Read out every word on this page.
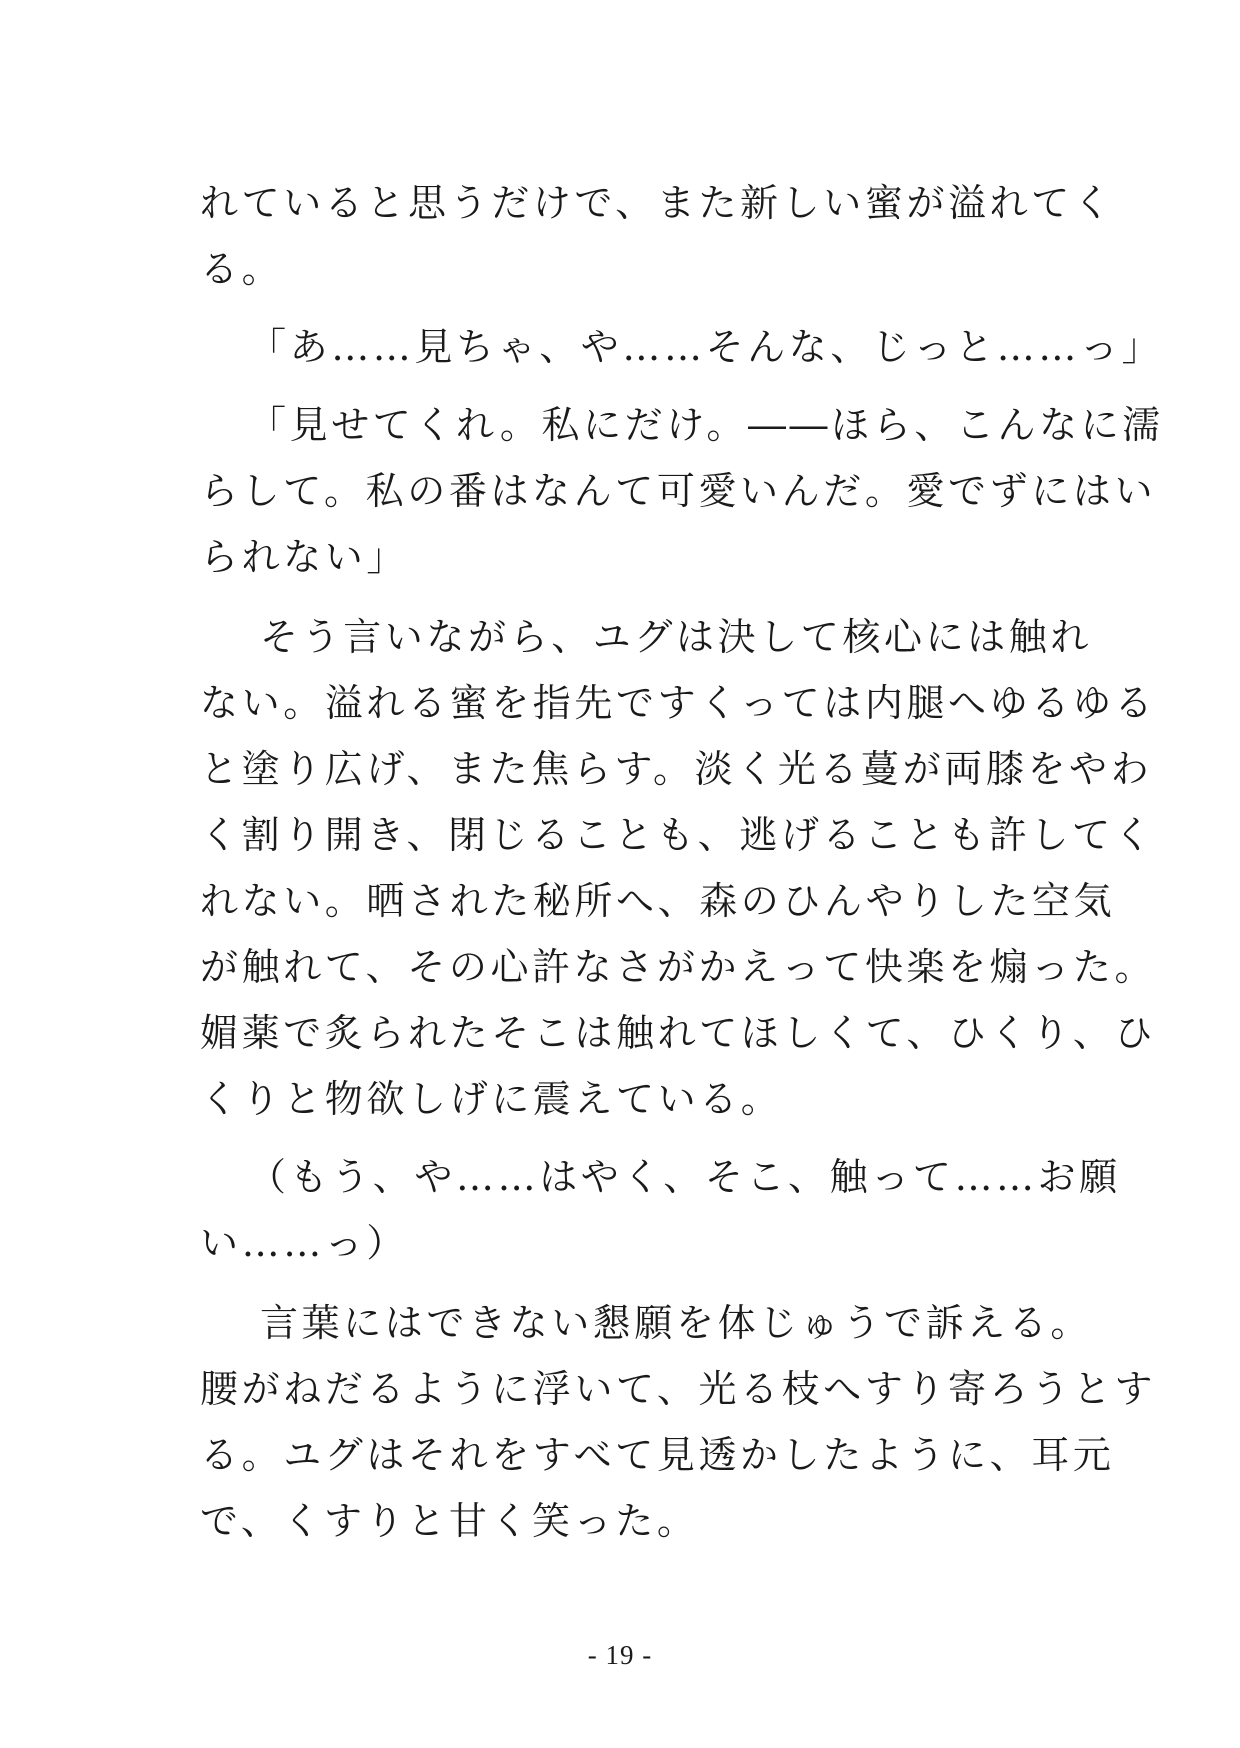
れていると思うだけで、また新しい蜜が溢れてく
る。
「あ……見ちゃ、や……そんな、じっと……っ」
「見せてくれ。私にだけ。――ほら、こんなに濡
らして。私の番はなんて可愛いんだ。愛でずにはい
られない」
そう言いながら、ユグは決して核心には触れ
ない。溢れる蜜を指先ですくっては内腿へゆるゆる
と塗り広げ、また焦らす。淡く光る蔓が両膝をやわ
く割り開き、閉じることも、逃げることも許してく
れない。晒された秘所へ、森のひんやりした空気
が触れて、その心許なさがかえって快楽を煽った。
媚薬で炙られたそこは触れてほしくて、ひくり、ひ
くりと物欲しげに震えている。
（もう、や……はやく、そこ、触って……お願
い……っ）
言葉にはできない懇願を体じゅうで訴える。
腰がねだるように浮いて、光る枝へすり寄ろうとす
る。ユグはそれをすべて見透かしたように、耳元
で、くすりと甘く笑った。
- 19 -
